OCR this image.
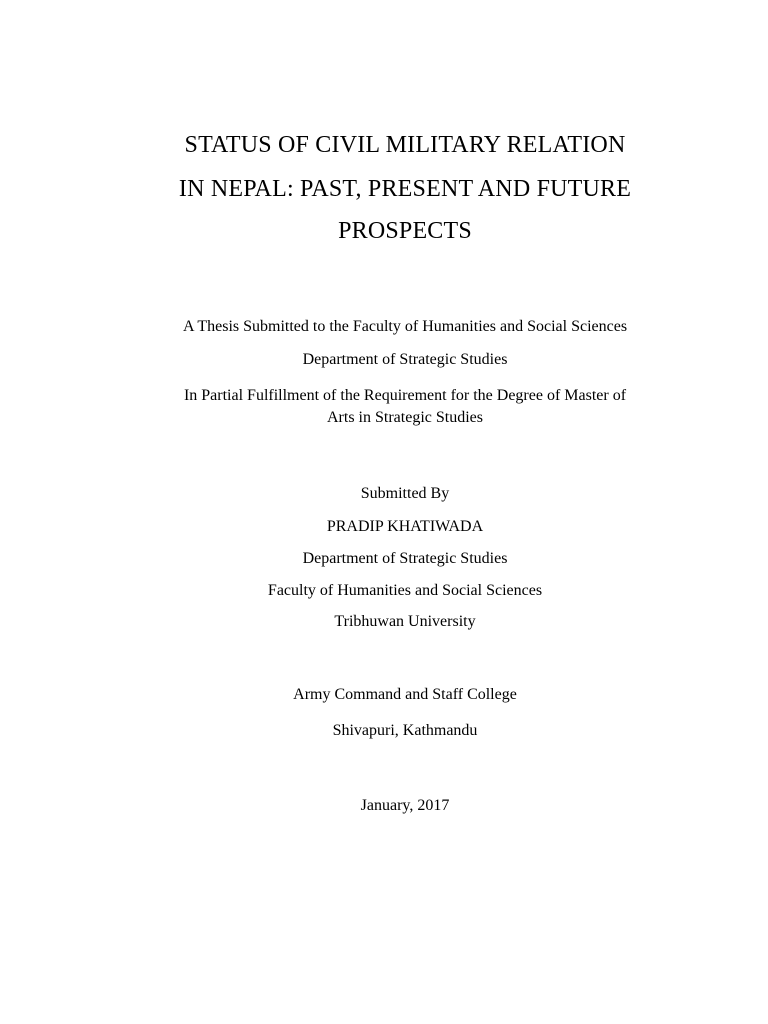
STATUS OF CIVIL MILITARY RELATION
IN NEPAL: PAST, PRESENT AND FUTURE
PROSPECTS
A Thesis Submitted to the Faculty of Humanities and Social Sciences
Department of Strategic Studies
In Partial Fulfillment of the Requirement for the Degree of Master of
Arts in Strategic Studies
Submitted By
PRADIP KHATIWADA
Department of Strategic Studies
Faculty of Humanities and Social Sciences
Tribhuwan University
Army Command and Staff College
Shivapuri, Kathmandu
January, 2017
